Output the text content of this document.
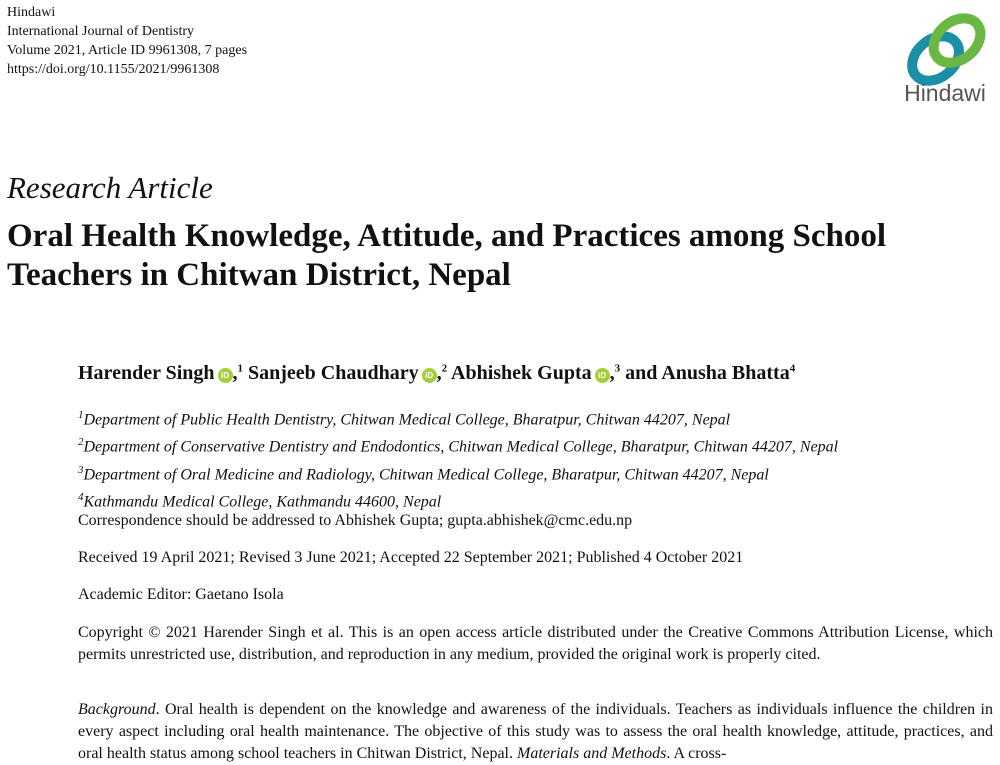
Hindawi
International Journal of Dentistry
Volume 2021, Article ID 9961308, 7 pages
https://doi.org/10.1155/2021/9961308
Hindawi
Research Article
Oral Health Knowledge, Attitude, and Practices among School
Teachers in Chitwan District, Nepal
Harender Singh iD ,$^1$ Sanjeeb Chaudhary iD ,$^2$ Abhishek Gupta iD ,$^3$ and Anusha Bhatta$^4$
$^1$Department of Public Health Dentistry, Chitwan Medical College, Bharatpur, Chitwan 44207, Nepal
$^2$Department of Conservative Dentistry and Endodontics, Chitwan Medical College, Bharatpur, Chitwan 44207, Nepal
$^3$Department of Oral Medicine and Radiology, Chitwan Medical College, Bharatpur, Chitwan 44207, Nepal
$^4$Kathmandu Medical College, Kathmandu 44600, Nepal
Correspondence should be addressed to Abhishek Gupta; gupta.abhishek@cmc.edu.np
Received 19 April 2021; Revised 3 June 2021; Accepted 22 September 2021; Published 4 October 2021
Academic Editor: Gaetano Isola
Copyright © 2021 Harender Singh et al. This is an open access article distributed under the Creative Commons Attribution License, which permits unrestricted use, distribution, and reproduction in any medium, provided the original work is properly cited.
Background. Oral health is dependent on the knowledge and awareness of the individuals. Teachers as individuals influence the children in every aspect including oral health maintenance. The objective of this study was to assess the oral health knowledge, attitude, practices, and oral health status among school teachers in Chitwan District, Nepal. Materials and Methods. A cross-
